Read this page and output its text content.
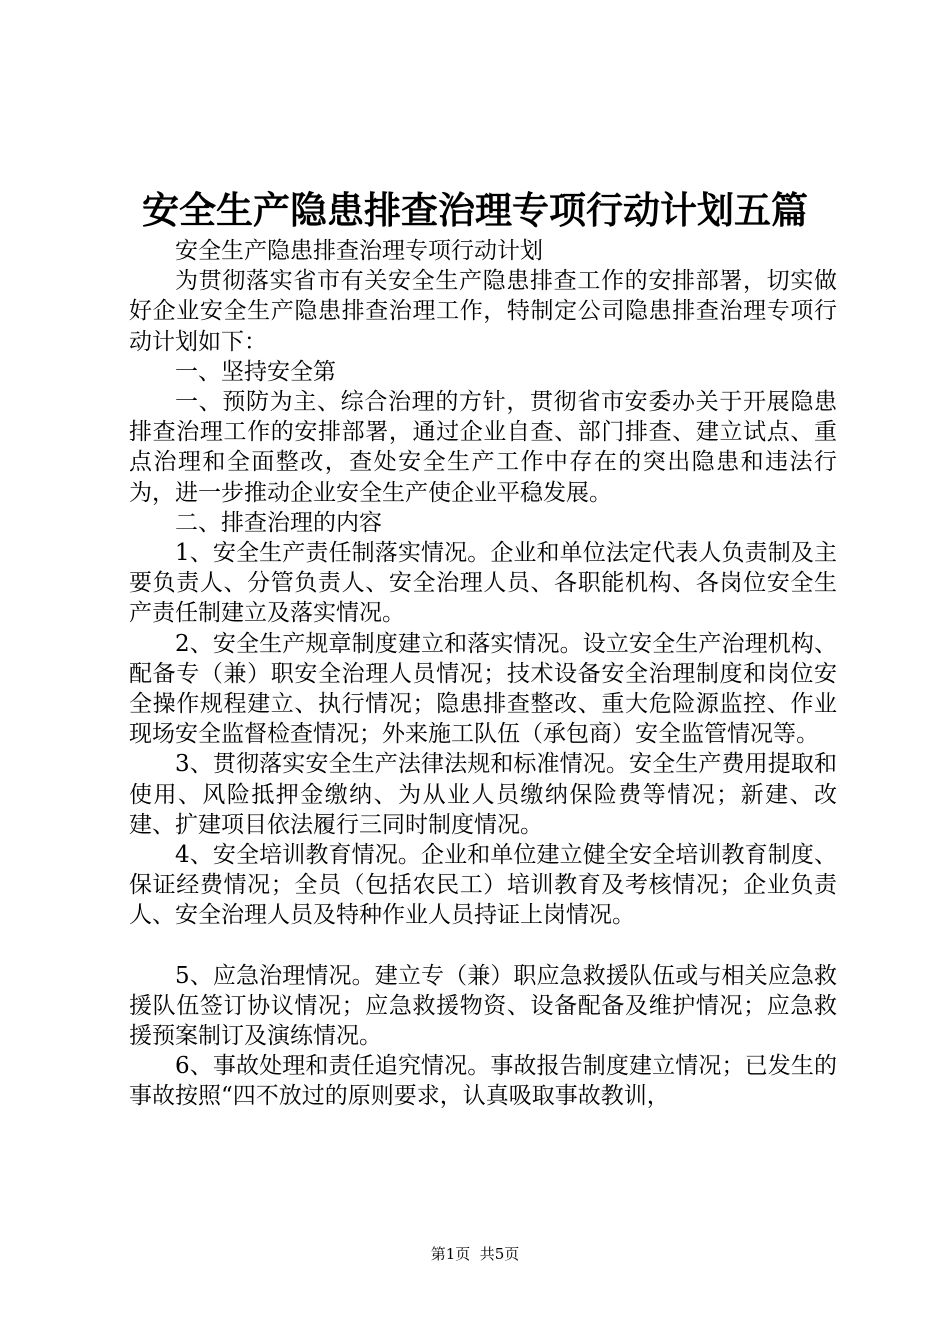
安全生产隐患排查治理专项行动计划五篇

安全生产隐患排查治理专项行动计划

为贯彻落实省市有关安全生产隐患排查工作的安排部署，切实做好企业安全生产隐患排查治理工作，特制定公司隐患排查治理专项行动计划如下：

一、坚持安全第

一、预防为主、综合治理的方针，贯彻省市安委办关于开展隐患排查治理工作的安排部署，通过企业自查、部门排查、建立试点、重点治理和全面整改，查处安全生产工作中存在的突出隐患和违法行为，进一步推动企业安全生产使企业平稳发展。

二、排查治理的内容

1、安全生产责任制落实情况。企业和单位法定代表人负责制及主要负责人、分管负责人、安全治理人员、各职能机构、各岗位安全生产责任制建立及落实情况。

2、安全生产规章制度建立和落实情况。设立安全生产治理机构、配备专（兼）职安全治理人员情况；技术设备安全治理制度和岗位安全操作规程建立、执行情况；隐患排查整改、重大危险源监控、作业现场安全监督检查情况；外来施工队伍（承包商）安全监管情况等。

3、贯彻落实安全生产法律法规和标准情况。安全生产费用提取和使用、风险抵押金缴纳、为从业人员缴纳保险费等情况；新建、改建、扩建项目依法履行三同时制度情况。

4、安全培训教育情况。企业和单位建立健全安全培训教育制度、保证经费情况；全员（包括农民工）培训教育及考核情况；企业负责人、安全治理人员及特种作业人员持证上岗情况。

5、应急治理情况。建立专（兼）职应急救援队伍或与相关应急救援队伍签订协议情况；应急救援物资、设备配备及维护情况；应急救援预案制订及演练情况。

6、事故处理和责任追究情况。事故报告制度建立情况；已发生的事故按照“四不放过的原则要求，认真吸取事故教训，

第1页  共5页
